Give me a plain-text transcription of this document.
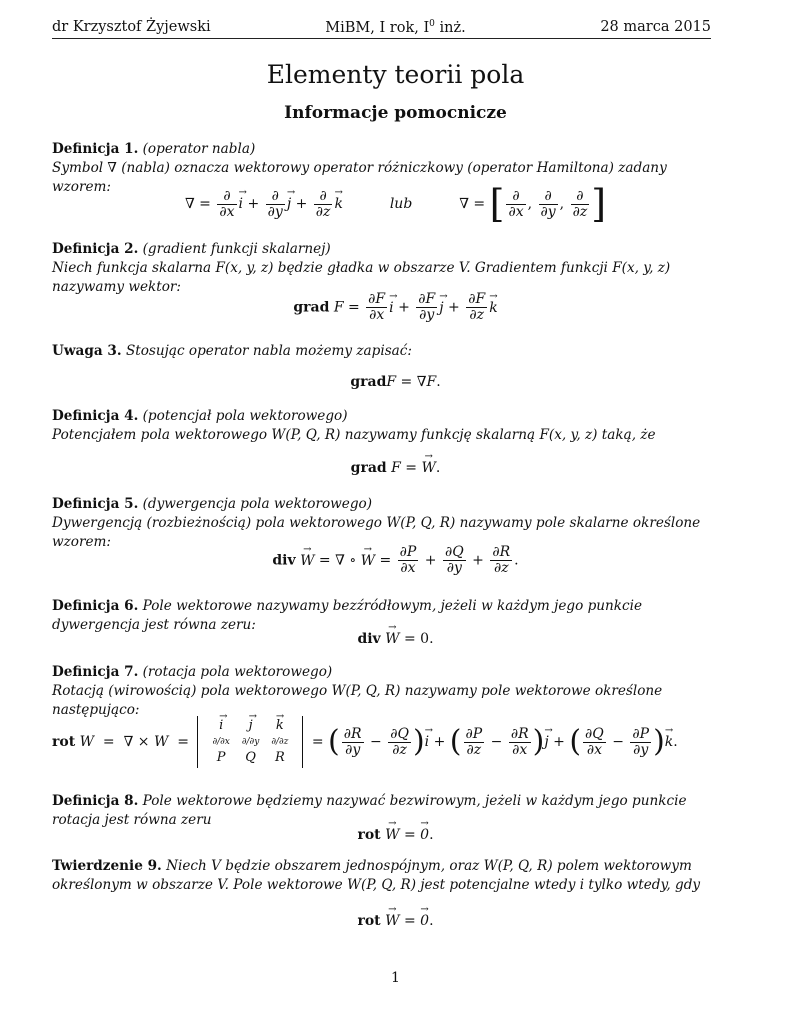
dr Krzysztof Żyjewski	MiBM, I rok, $I^0$ inż.	28 marca 2015
Elementy teorii pola
Informacje pomocnicze
Definicja 1. (operator nabla)
Symbol ∇ (nabla) oznacza wektorowy operator różniczkowy (operator Hamiltona) zadany wzorem:
∇ = $\frac{\partial}{\partial x} \to i + \frac{\partial}{\partial y} \to j + \frac{\partial}{\partial z} \to k$	lub	∇ = [ $\frac{\partial}{\partial x}$ , $\frac{\partial}{\partial y}$ , $\frac{\partial}{\partial z}$ ]
Definicja 2. (gradient funkcji skalarnej)
Niech funkcja skalarna F(x, y, z) będzie gładka w obszarze V. Gradientem funkcji F(x, y, z) nazywamy wektor:
grad $F = \frac{\partial F}{\partial x} \to i + \frac{\partial F}{\partial y} \to j + \frac{\partial F}{\partial z} \to k$
Uwaga 3. Stosując operator nabla możemy zapisać:
gradF = ∇F.
Definicja 4. (potencjał pola wektorowego)
Potencjałem pola wektorowego W(P, Q, R) nazywamy funkcję skalarną F(x, y, z) taką, że
grad F = → W.
Definicja 5. (dywergencja pola wektorowego)
Dywergencją (rozbieżnością) pola wektorowego W(P, Q, R) nazywamy pole skalarne określone wzorem:
div → W = ∇ ∘ → $W = \frac{\partial P}{\partial x} + \frac{\partial Q}{\partial y} + \frac{\partial R}{\partial z}$ .
Definicja 6. Pole wektorowe nazywamy bezźródłowym, jeżeli w każdym jego punkcie dywergencja jest równa zeru:
div → W = 0.
Definicja 7. (rotacja pola wektorowego)
Rotacją (wirowością) pola wektorowego W(P, Q, R) nazywamy pole wektorowe określone następująco:
rot W  =  ∇ × W  =
→ i	→ j	→ k
∂/∂x	∂/∂y	∂/∂z
P	Q	R
= ( $\frac{\partial R}{\partial y} - \frac{\partial Q}{\partial z}$ )→ i + ( $\frac{\partial P}{\partial z} - \frac{\partial R}{\partial x}$ )→ j + ( $\frac{\partial Q}{\partial x} - \frac{\partial P}{\partial y}$ )→ k.
Definicja 8. Pole wektorowe będziemy nazywać bezwirowym, jeżeli w każdym jego punkcie rotacja jest równa zeru
rot → W = → 0.
Twierdzenie 9. Niech V będzie obszarem jednospójnym, oraz W(P, Q, R) polem wektorowym określonym w obszarze V. Pole wektorowe W(P, Q, R) jest potencjalne wtedy i tylko wtedy, gdy
rot → W = → 0.
1
